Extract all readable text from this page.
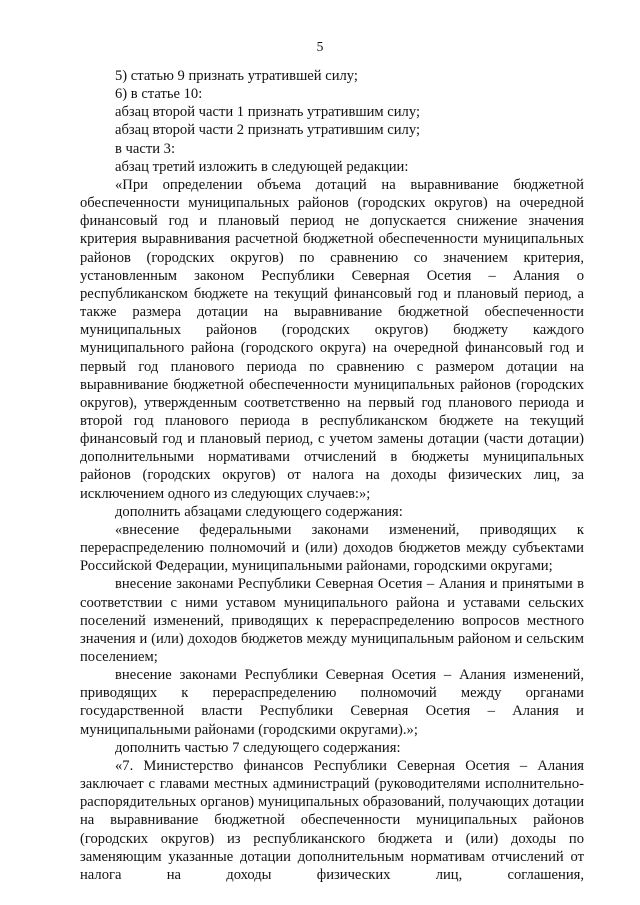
5

5) статью 9 признать утратившей силу;

6) в статье 10:

абзац второй части 1 признать утратившим силу;

абзац второй части 2 признать утратившим силу;

в части 3:

абзац третий изложить в следующей редакции:

«При определении объема дотаций на выравнивание бюджетной обеспеченности муниципальных районов (городских округов) на очередной финансовый год и плановый период не допускается снижение значения критерия выравнивания расчетной бюджетной обеспеченности муниципальных районов (городских округов) по сравнению со значением критерия, установленным законом Республики Северная Осетия – Алания о республиканском бюджете на текущий финансовый год и плановый период, а также размера дотации на выравнивание бюджетной обеспеченности муниципальных районов (городских округов) бюджету каждого муниципального района (городского округа) на очередной финансовый год и первый год планового периода по сравнению с размером дотации на выравнивание бюджетной обеспеченности муниципальных районов (городских округов), утвержденным соответственно на первый год планового периода и второй год планового периода в республиканском бюджете на текущий финансовый год и плановый период, с учетом замены дотации (части дотации) дополнительными нормативами отчислений в бюджеты муниципальных районов (городских округов) от налога на доходы физических лиц, за исключением одного из следующих случаев:»;

дополнить абзацами следующего содержания:

«внесение федеральными законами изменений, приводящих к перераспределению полномочий и (или) доходов бюджетов между субъектами Российской Федерации, муниципальными районами, городскими округами;

внесение законами Республики Северная Осетия – Алания и принятыми в соответствии с ними уставом муниципального района и уставами сельских поселений изменений, приводящих к перераспределению вопросов местного значения и (или) доходов бюджетов между муниципальным районом и сельским поселением;

внесение законами Республики Северная Осетия – Алания изменений, приводящих к перераспределению полномочий между органами государственной власти Республики Северная Осетия – Алания и муниципальными районами (городскими округами).»;

дополнить частью 7 следующего содержания:

«7. Министерство финансов Республики Северная Осетия – Алания заключает с главами местных администраций (руководителями исполнительно-распорядительных органов) муниципальных образований, получающих дотации на выравнивание бюджетной обеспеченности муниципальных районов (городских округов) из республиканского бюджета и (или) доходы по заменяющим указанные дотации дополнительным нормативам отчислений от налога на доходы физических лиц, соглашения,
